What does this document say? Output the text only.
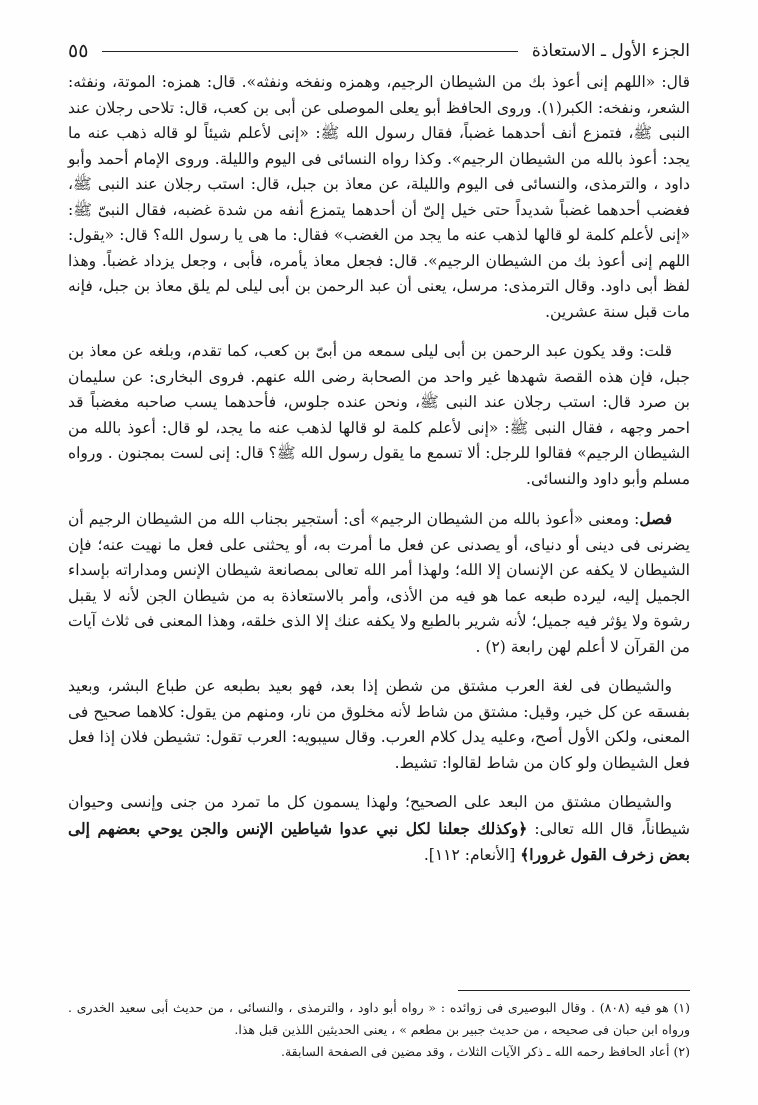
الجزء الأول ـ الاستعاذة
٥٥

قال: «اللهم إنى أعوذ بك من الشيطان الرجيم، وهمزه ونفخه ونفثه». قال: همزه: الموتة، ونفثه: الشعر، ونفخه: الكبر(١). وروى الحافظ أبو يعلى الموصلى عن أبى بن كعب، قال: تلاحى رجلان عند النبى ﷺ، فتمزع أنف أحدهما غضباً، فقال رسول الله ﷺ: «إنى لأعلم شيئاً لو قاله ذهب عنه ما يجد: أعوذ بالله من الشيطان الرجيم». وكذا رواه النسائى فى اليوم والليلة. وروى الإمام أحمد وأبو داود ، والترمذى، والنسائى فى اليوم والليلة، عن معاذ بن جبل، قال: استب رجلان عند النبى ﷺ، فغضب أحدهما غضباً شديداً حتى خيل إلىّ أن أحدهما يتمزع أنفه من شدة غضبه، فقال النبىّ ﷺ: «إنى لأعلم كلمة لو قالها لذهب عنه ما يجد من الغضب» فقال: ما هى يا رسول الله؟ قال: «يقول: اللهم إنى أعوذ بك من الشيطان الرجيم». قال: فجعل معاذ يأمره، فأبى ، وجعل يزداد غضباً. وهذا لفظ أبى داود. وقال الترمذى: مرسل، يعنى أن عبد الرحمن بن أبى ليلى لم يلق معاذ بن جبل، فإنه مات قبل سنة عشرين.

قلت: وقد يكون عبد الرحمن بن أبى ليلى سمعه من أبىّ بن كعب، كما تقدم، وبلغه عن معاذ بن جبل، فإن هذه القصة شهدها غير واحد من الصحابة رضى الله عنهم. فروى البخارى: عن سليمان بن صرد قال: استب رجلان عند النبى ﷺ، ونحن عنده جلوس، فأحدهما يسب صاحبه مغضباً قد احمر وجهه ، فقال النبى ﷺ: «إنى لأعلم كلمة لو قالها لذهب عنه ما يجد، لو قال: أعوذ بالله من الشيطان الرجيم» فقالوا للرجل: ألا تسمع ما يقول رسول الله ﷺ؟ قال: إنى لست بمجنون . ورواه مسلم وأبو داود والنسائى.

فصل: ومعنى «أعوذ بالله من الشيطان الرجيم» أى: أستجير بجناب الله من الشيطان الرجيم أن يضرنى فى دينى أو دنياى، أو يصدنى عن فعل ما أمرت به، أو يحثنى على فعل ما نهيت عنه؛ فإن الشيطان لا يكفه عن الإنسان إلا الله؛ ولهذا أمر الله تعالى بمصانعة شيطان الإنس ومداراته بإسداء الجميل إليه، ليرده طبعه عما هو فيه من الأذى، وأمر بالاستعاذة به من شيطان الجن لأنه لا يقبل رشوة ولا يؤثر فيه جميل؛ لأنه شرير بالطبع ولا يكفه عنك إلا الذى خلقه، وهذا المعنى فى ثلاث آيات من القرآن لا أعلم لهن رابعة (٢) .

والشيطان فى لغة العرب مشتق من شطن إذا بعد، فهو بعيد بطبعه عن طباع البشر، وبعيد بفسقه عن كل خير، وقيل: مشتق من شاط لأنه مخلوق من نار، ومنهم من يقول: كلاهما صحيح فى المعنى، ولكن الأول أصح، وعليه يدل كلام العرب. وقال سيبويه: العرب تقول: تشيطن فلان إذا فعل فعل الشيطان ولو كان من شاط لقالوا: تشيط.

والشيطان مشتق من البعد على الصحيح؛ ولهذا يسمون كل ما تمرد من جنى وإنسى وحيوان شيطاناً، قال الله تعالى: ﴿وكذلك جعلنا لكل نبي عدوا شياطين الإنس والجن يوحي بعضهم إلى بعض زخرف القول غرورا﴾ [الأنعام: ١١٢].

(١) هو فيه (٨٠٨) . وقال البوصيرى فى زوائده : « رواه أبو داود ، والترمذى ، والنسائى ، من حديث أبى سعيد الخدرى . ورواه ابن حبان فى صحيحه ، من حديث جبير بن مطعم » ، يعنى الحديثين اللذين قبل هذا.

(٢) أعاد الحافظ رحمه الله ـ ذكر الآيات الثلاث ، وقد مضين فى الصفحة السابقة.
